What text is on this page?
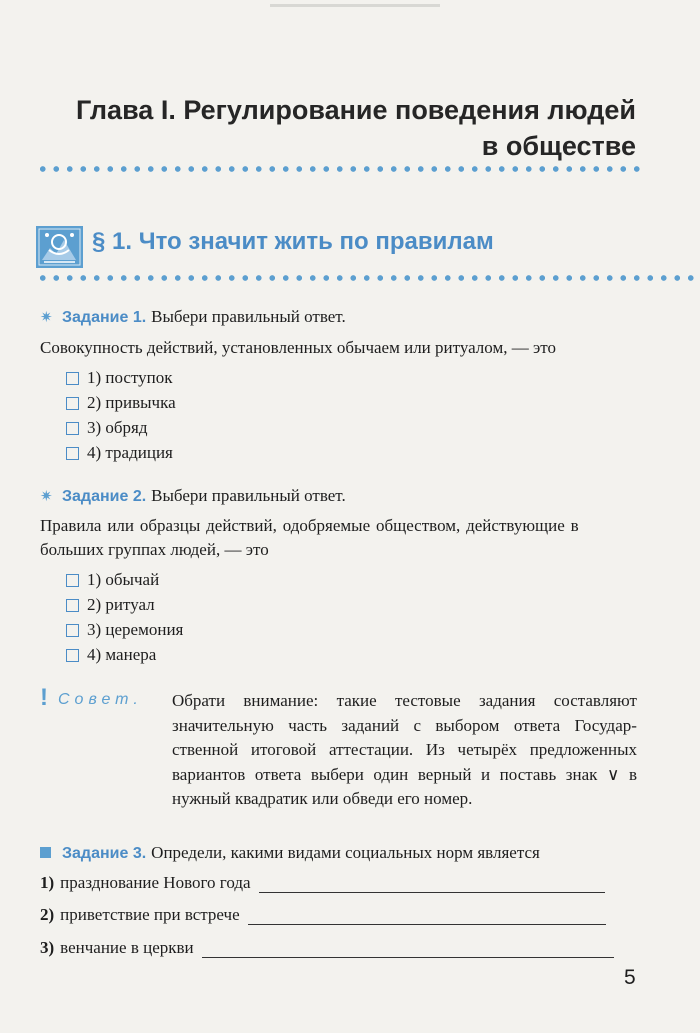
Глава I. Регулирование поведения людей
в обществе
§ 1. Что значит жить по правилам
✷ Задание 1. Выбери правильный ответ.
Совокупность действий, установленных обычаем или ритуалом, — это
1) поступок
2) привычка
3) обряд
4) традиция
✷ Задание 2. Выбери правильный ответ.
Правила или образцы действий, одобряемые обществом, действующие в
больших группах людей, — это
1) обычай
2) ритуал
3) церемония
4) манера
! Совет. Обрати внимание: такие тестовые задания составляют
значительную часть заданий с выбором ответа Государ-
ственной итоговой аттестации. Из четырёх предложенных
вариантов ответа выбери один верный и поставь знак ∨ в
нужный квадратик или обведи его номер.
Задание 3. Определи, какими видами социальных норм является
1) празднование Нового года
2) приветствие при встрече
3) венчание в церкви
5
